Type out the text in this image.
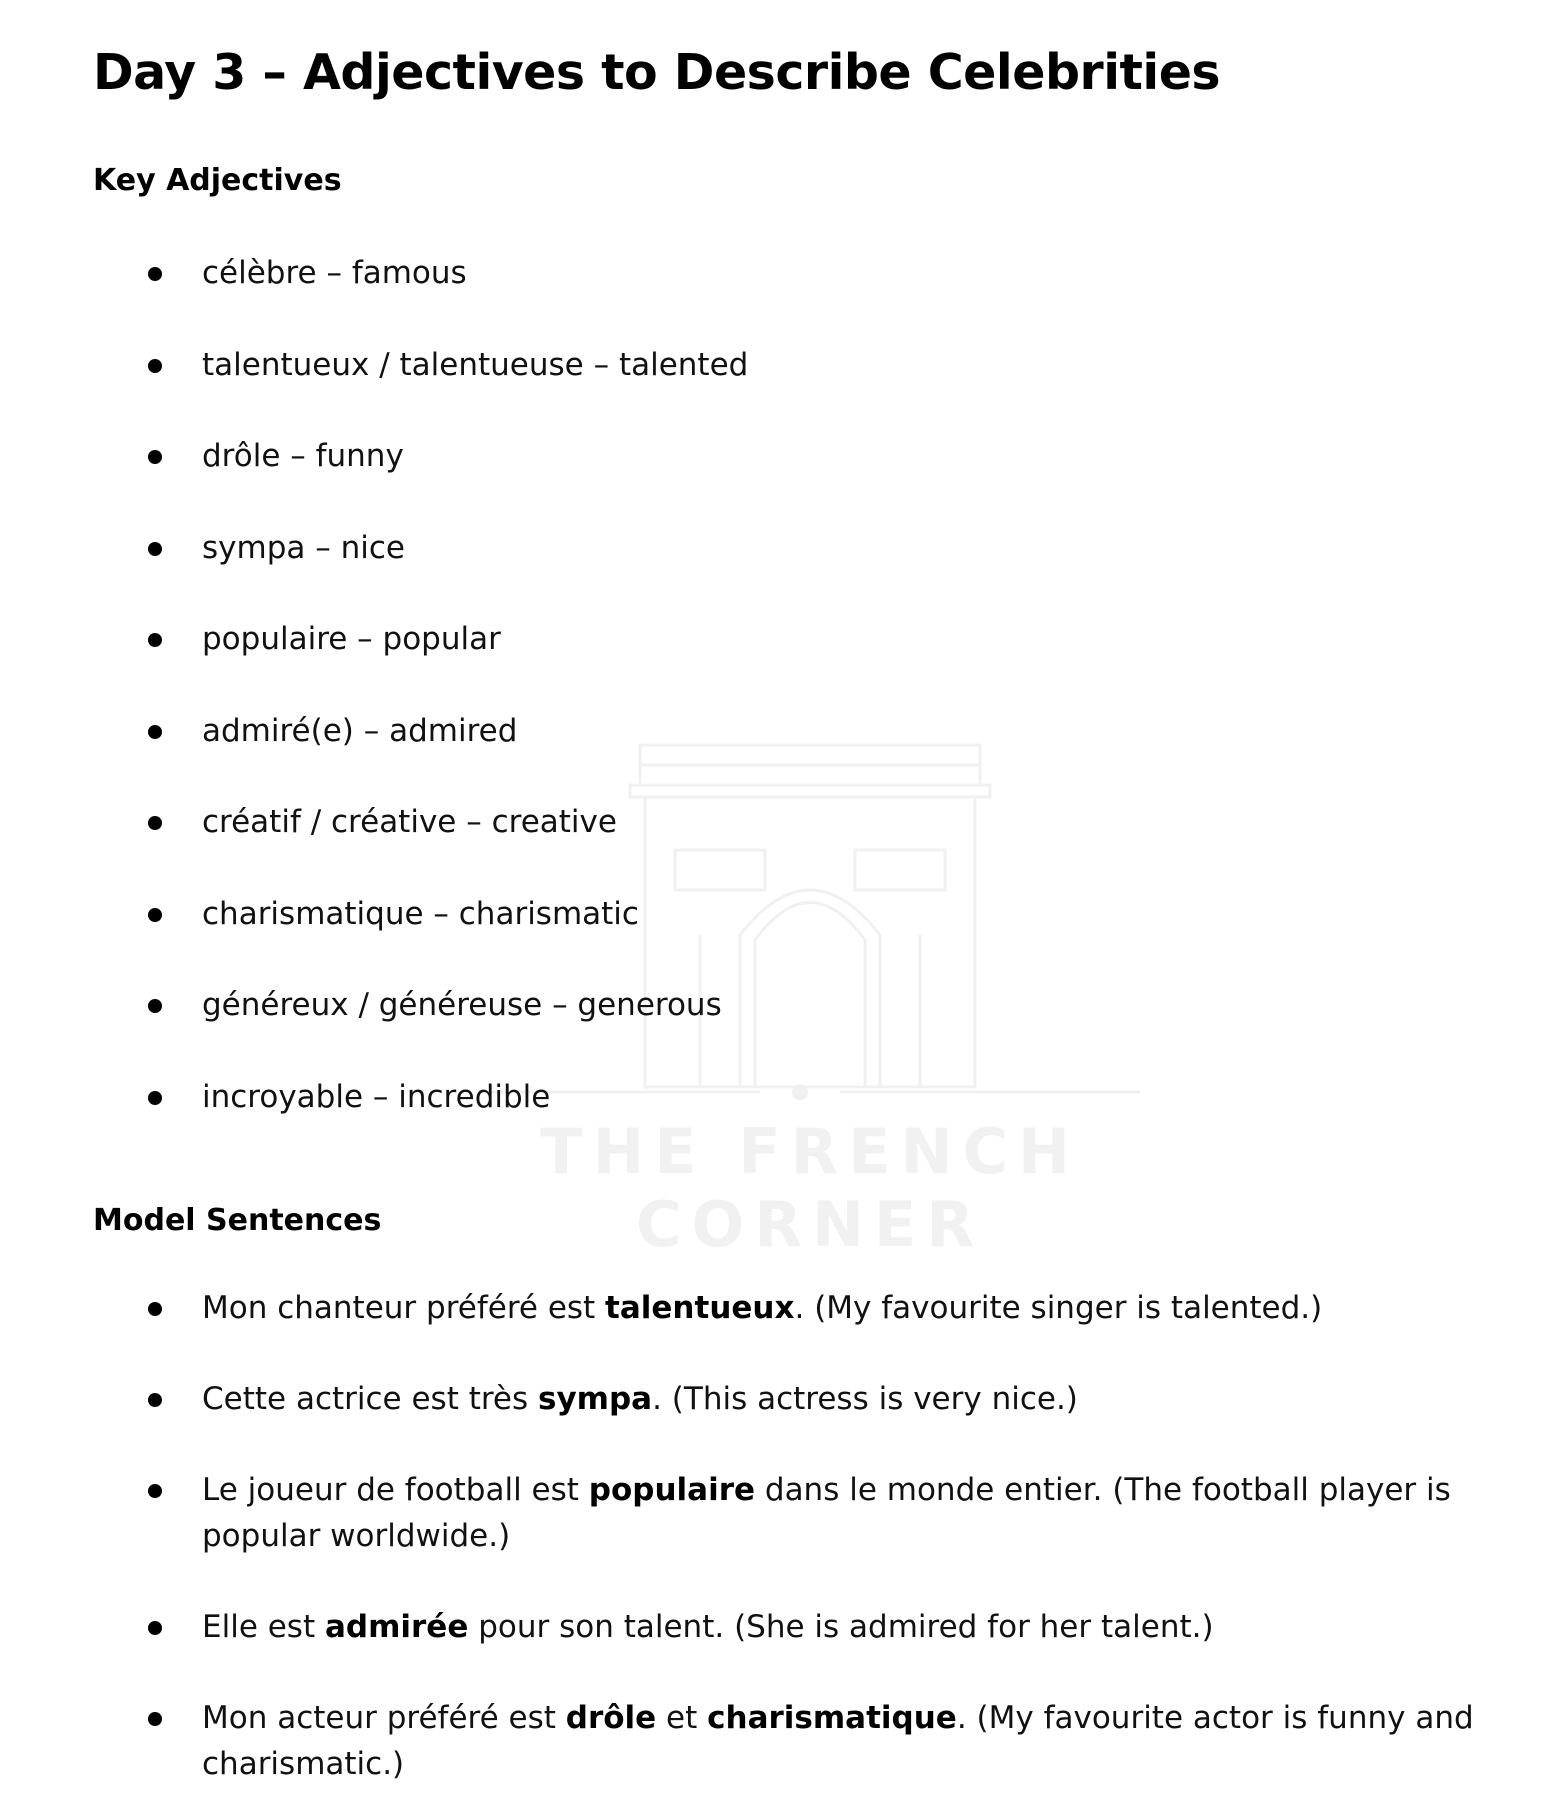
THE FRENCH CORNER
Day 3 – Adjectives to Describe Celebrities
Key Adjectives
célèbre – famous
talentueux / talentueuse – talented
drôle – funny
sympa – nice
populaire – popular
admiré(e) – admired
créatif / créative – creative
charismatique – charismatic
généreux / généreuse – generous
incroyable – incredible
Model Sentences
Mon chanteur préféré est talentueux. (My favourite singer is talented.)
Cette actrice est très sympa. (This actress is very nice.)
Le joueur de football est populaire dans le monde entier. (The football player is popular worldwide.)
Elle est admirée pour son talent. (She is admired for her talent.)
Mon acteur préféré est drôle et charismatique. (My favourite actor is funny and charismatic.)
